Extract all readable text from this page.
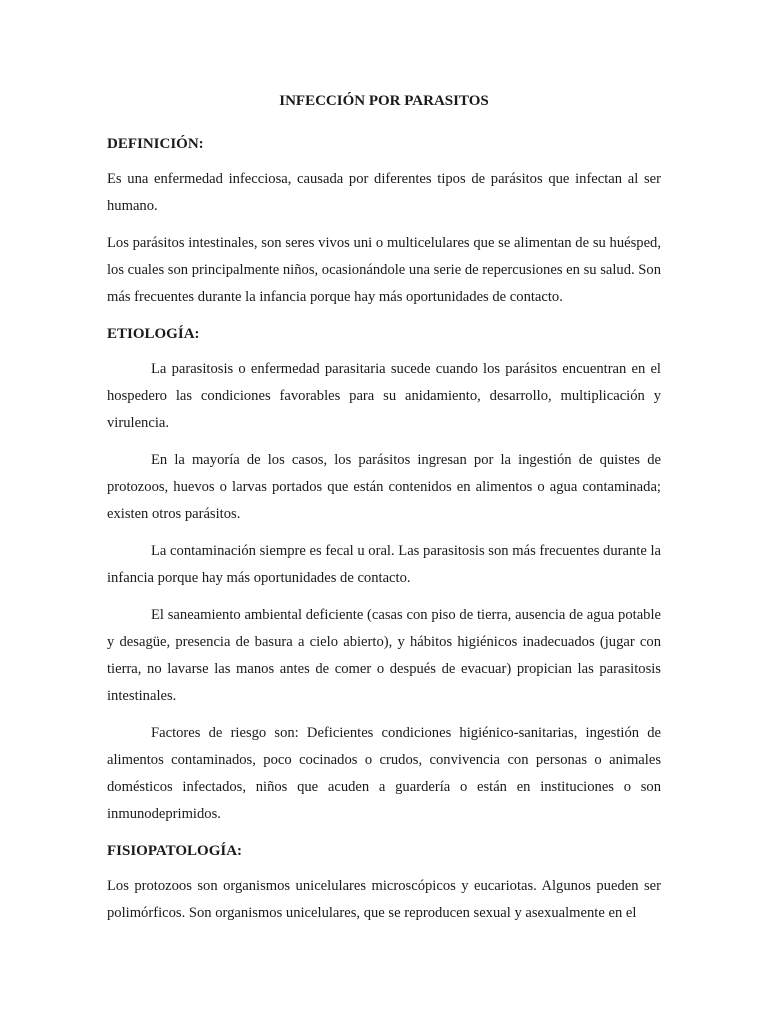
INFECCIÓN POR PARASITOS
DEFINICIÓN:

Es una enfermedad infecciosa, causada por diferentes tipos de parásitos que infectan al ser humano.

Los parásitos intestinales, son seres vivos uni o multicelulares que se alimentan de su huésped, los cuales son principalmente niños, ocasionándole una serie de repercusiones en su salud. Son más frecuentes durante la infancia porque hay más oportunidades de contacto.

ETIOLOGÍA:

La parasitosis o enfermedad parasitaria sucede cuando los parásitos encuentran en el hospedero las condiciones favorables para su anidamiento, desarrollo, multiplicación y virulencia.

En la mayoría de los casos, los parásitos ingresan por la ingestión de quistes de protozoos, huevos o larvas portados que están contenidos en alimentos o agua contaminada; existen otros parásitos.

La contaminación siempre es fecal u oral. Las parasitosis son más frecuentes durante la infancia porque hay más oportunidades de contacto.

El saneamiento ambiental deficiente (casas con piso de tierra, ausencia de agua potable y desagüe, presencia de basura a cielo abierto), y hábitos higiénicos inadecuados (jugar con tierra, no lavarse las manos antes de comer o después de evacuar) propician las parasitosis intestinales.

Factores de riesgo son: Deficientes condiciones higiénico-sanitarias, ingestión de alimentos contaminados, poco cocinados o crudos, convivencia con personas o animales domésticos infectados, niños que acuden a guardería o están en instituciones o son inmunodeprimidos.

FISIOPATOLOGÍA:

Los protozoos son organismos unicelulares microscópicos y eucariotas. Algunos pueden ser polimórficos. Son organismos unicelulares, que se reproducen sexual y asexualmente en el
